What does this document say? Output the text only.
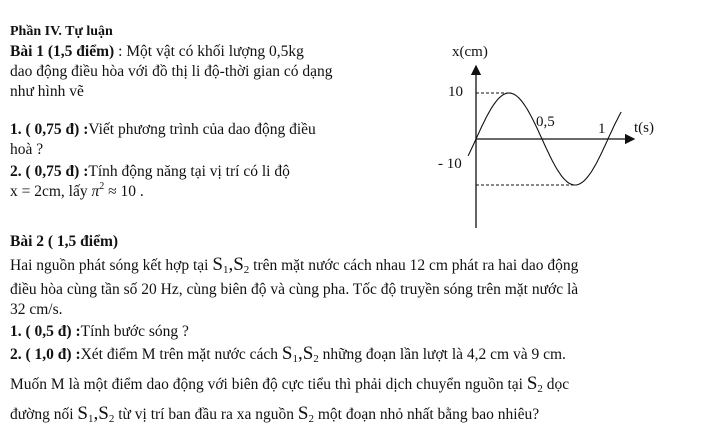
Phần IV. Tự luận
Bài 1 (1,5 điểm) : Một vật có khối lượng 0,5kg
dao động điều hòa với đồ thị li độ-thời gian có dạng
như hình vẽ
1. ( 0,75 đ) :Viết phương trình của dao động điều
hoà ?
2. ( 0,75 đ) :Tính động năng tại vị trí có li độ
x = 2cm, lấy $\pi^2 \approx 10$ .
x(cm)
t(s)
10
- 10
0,5	1
Bài 2 ( 1,5 điểm)
Hai nguồn phát sóng kết hợp tại $S_1,S_2$ trên mặt nước cách nhau 12 cm phát ra hai dao động
điều hòa cùng tần số 20 Hz, cùng biên độ và cùng pha. Tốc độ truyền sóng trên mặt nước là
32 cm/s.
1. ( 0,5 đ) :Tính bước sóng ?
2. ( 1,0 đ) :Xét điểm M trên mặt nước cách $S_1,S_2$ những đoạn lần lượt là 4,2 cm và 9 cm.
Muốn M là một điểm dao động với biên độ cực tiểu thì phải dịch chuyển nguồn tại $S_2$ dọc
đường nối $S_1,S_2$ từ vị trí ban đầu ra xa nguồn $S_2$ một đoạn nhỏ nhất bằng bao nhiêu?
